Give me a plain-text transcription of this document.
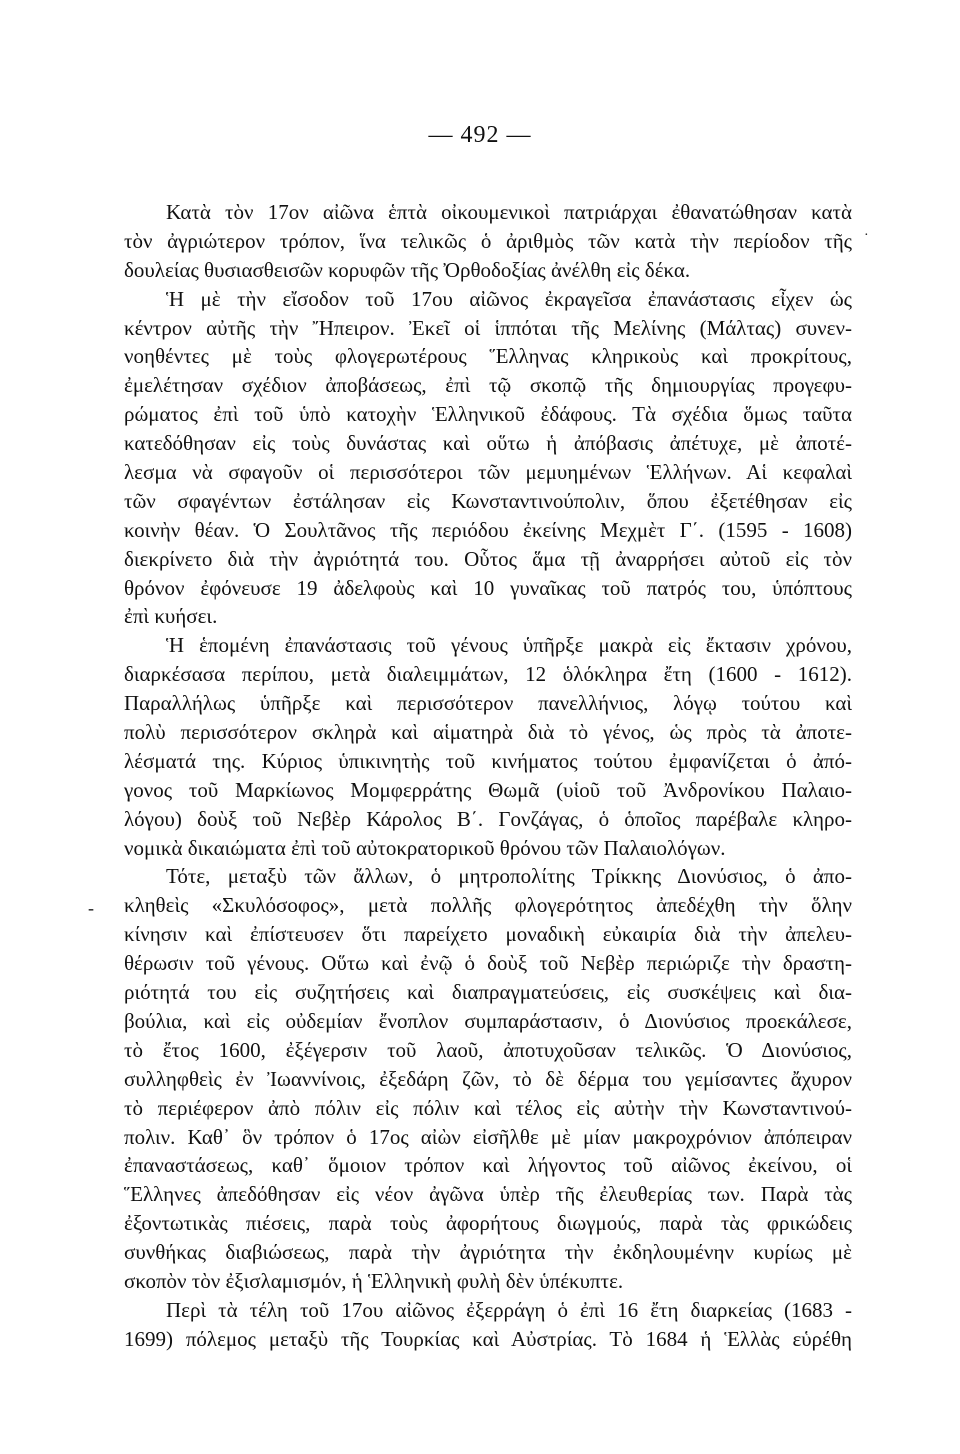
— 492 —
·
-
Κατὰ τὸν 17ον αἰῶνα ἑπτὰ οἰκουμενικοὶ πατριάρχαι ἐθανατώθησαν κατὰ
τὸν ἀγριώτερον τρόπον, ἵνα τελικῶς ὁ ἀριθμὸς τῶν κατὰ τὴν περίοδον τῆς
δουλείας θυσιασθεισῶν κορυφῶν τῆς Ὀρθοδοξίας ἀνέλθη εἰς δέκα.
Ἡ μὲ τὴν εἴσοδον τοῦ 17ου αἰῶνος ἐκραγεῖσα ἐπανάστασις εἶχεν ὡς
κέντρον αὐτῆς τὴν Ἤπειρον. Ἐκεῖ οἱ ἱππόται τῆς Μελίνης (Μάλτας) συνεν-
νοηθέντες μὲ τοὺς φλογερωτέρους Ἕλληνας κληρικοὺς καὶ προκρίτους,
ἐμελέτησαν σχέδιον ἀποβάσεως, ἐπὶ τῷ σκοπῷ τῆς δημιουργίας προγεφυ-
ρώματος ἐπὶ τοῦ ὑπὸ κατοχὴν Ἑλληνικοῦ ἐδάφους. Τὰ σχέδια ὅμως ταῦτα
κατεδόθησαν εἰς τοὺς δυνάστας καὶ οὕτω ἡ ἀπόβασις ἀπέτυχε, μὲ ἀποτέ-
λεσμα νὰ σφαγοῦν οἱ περισσότεροι τῶν μεμυημένων Ἑλλήνων. Αἱ κεφαλαὶ
τῶν σφαγέντων ἐστάλησαν εἰς Κωνσταντινούπολιν, ὅπου ἐξετέθησαν εἰς
κοινὴν θέαν. Ὁ Σουλτᾶνος τῆς περιόδου ἐκείνης Μεχμὲτ Γ΄. (1595 - 1608)
διεκρίνετο διὰ τὴν ἀγριότητά του. Οὗτος ἅμα τῇ ἀναρρήσει αὐτοῦ εἰς τὸν
θρόνον ἐφόνευσε 19 ἀδελφοὺς καὶ 10 γυναῖκας τοῦ πατρός του, ὑπόπτους
ἐπὶ κυήσει.
Ἡ ἑπομένη ἐπανάστασις τοῦ γένους ὑπῆρξε μακρὰ εἰς ἔκτασιν χρόνου,
διαρκέσασα περίπου, μετὰ διαλειμμάτων, 12 ὁλόκληρα ἔτη (1600 - 1612).
Παραλλήλως ὑπῆρξε καὶ περισσότερον πανελλήνιος, λόγῳ τούτου καὶ
πολὺ περισσότερον σκληρὰ καὶ αἱματηρὰ διὰ τὸ γένος, ὡς πρὸς τὰ ἀποτε-
λέσματά της. Κύριος ὑπικινητὴς τοῦ κινήματος τούτου ἐμφανίζεται ὁ ἀπό-
γονος τοῦ Μαρκίωνος Μομφερράτης Θωμᾶ (υἱοῦ τοῦ Ἀνδρονίκου Παλαιο-
λόγου) δοὺξ τοῦ Νεβὲρ Κάρολος Β΄. Γονζάγας, ὁ ὁποῖος παρέβαλε κληρο-
νομικὰ δικαιώματα ἐπὶ τοῦ αὐτοκρατορικοῦ θρόνου τῶν Παλαιολόγων.
Τότε, μεταξὺ τῶν ἄλλων, ὁ μητροπολίτης Τρίκκης Διονύσιος, ὁ ἀπο-
κληθεὶς «Σκυλόσοφος», μετὰ πολλῆς φλογερότητος ἀπεδέχθη τὴν ὅλην
κίνησιν καὶ ἐπίστευσεν ὅτι παρείχετο μοναδικὴ εὐκαιρία διὰ τὴν ἀπελευ-
θέρωσιν τοῦ γένους. Οὕτω καὶ ἐνῷ ὁ δοὺξ τοῦ Νεβὲρ περιώριζε τὴν δραστη-
ριότητά του εἰς συζητήσεις καὶ διαπραγματεύσεις, εἰς συσκέψεις καὶ δια-
βούλια, καὶ εἰς οὐδεμίαν ἔνοπλον συμπαράστασιν, ὁ Διονύσιος προεκάλεσε,
τὸ ἔτος 1600, ἐξέγερσιν τοῦ λαοῦ, ἀποτυχοῦσαν τελικῶς. Ὁ Διονύσιος,
συλληφθεὶς ἐν Ἰωαννίνοις, ἐξεδάρη ζῶν, τὸ δὲ δέρμα του γεμίσαντες ἄχυρον
τὸ περιέφερον ἀπὸ πόλιν εἰς πόλιν καὶ τέλος εἰς αὐτὴν τὴν Κωνσταντινού-
πολιν. Καθ᾽ ὃν τρόπον ὁ 17ος αἰὼν εἰσῆλθε μὲ μίαν μακροχρόνιον ἀπόπειραν
ἐπαναστάσεως, καθ᾽ ὅμοιον τρόπον καὶ λήγοντος τοῦ αἰῶνος ἐκείνου, οἱ
Ἕλληνες ἀπεδόθησαν εἰς νέον ἀγῶνα ὑπὲρ τῆς ἐλευθερίας των. Παρὰ τὰς
ἐξοντωτικὰς πιέσεις, παρὰ τοὺς ἀφορήτους διωγμούς, παρὰ τὰς φρικώδεις
συνθήκας διαβιώσεως, παρὰ τὴν ἀγριότητα τὴν ἐκδηλουμένην κυρίως μὲ
σκοπὸν τὸν ἐξισλαμισμόν, ἡ Ἑλληνικὴ φυλὴ δὲν ὑπέκυπτε.
Περὶ τὰ τέλη τοῦ 17ου αἰῶνος ἐξερράγη ὁ ἐπὶ 16 ἔτη διαρκείας (1683 -
1699) πόλεμος μεταξὺ τῆς Τουρκίας καὶ Αὐστρίας. Τὸ 1684 ἡ Ἑλλὰς εὑρέθη
